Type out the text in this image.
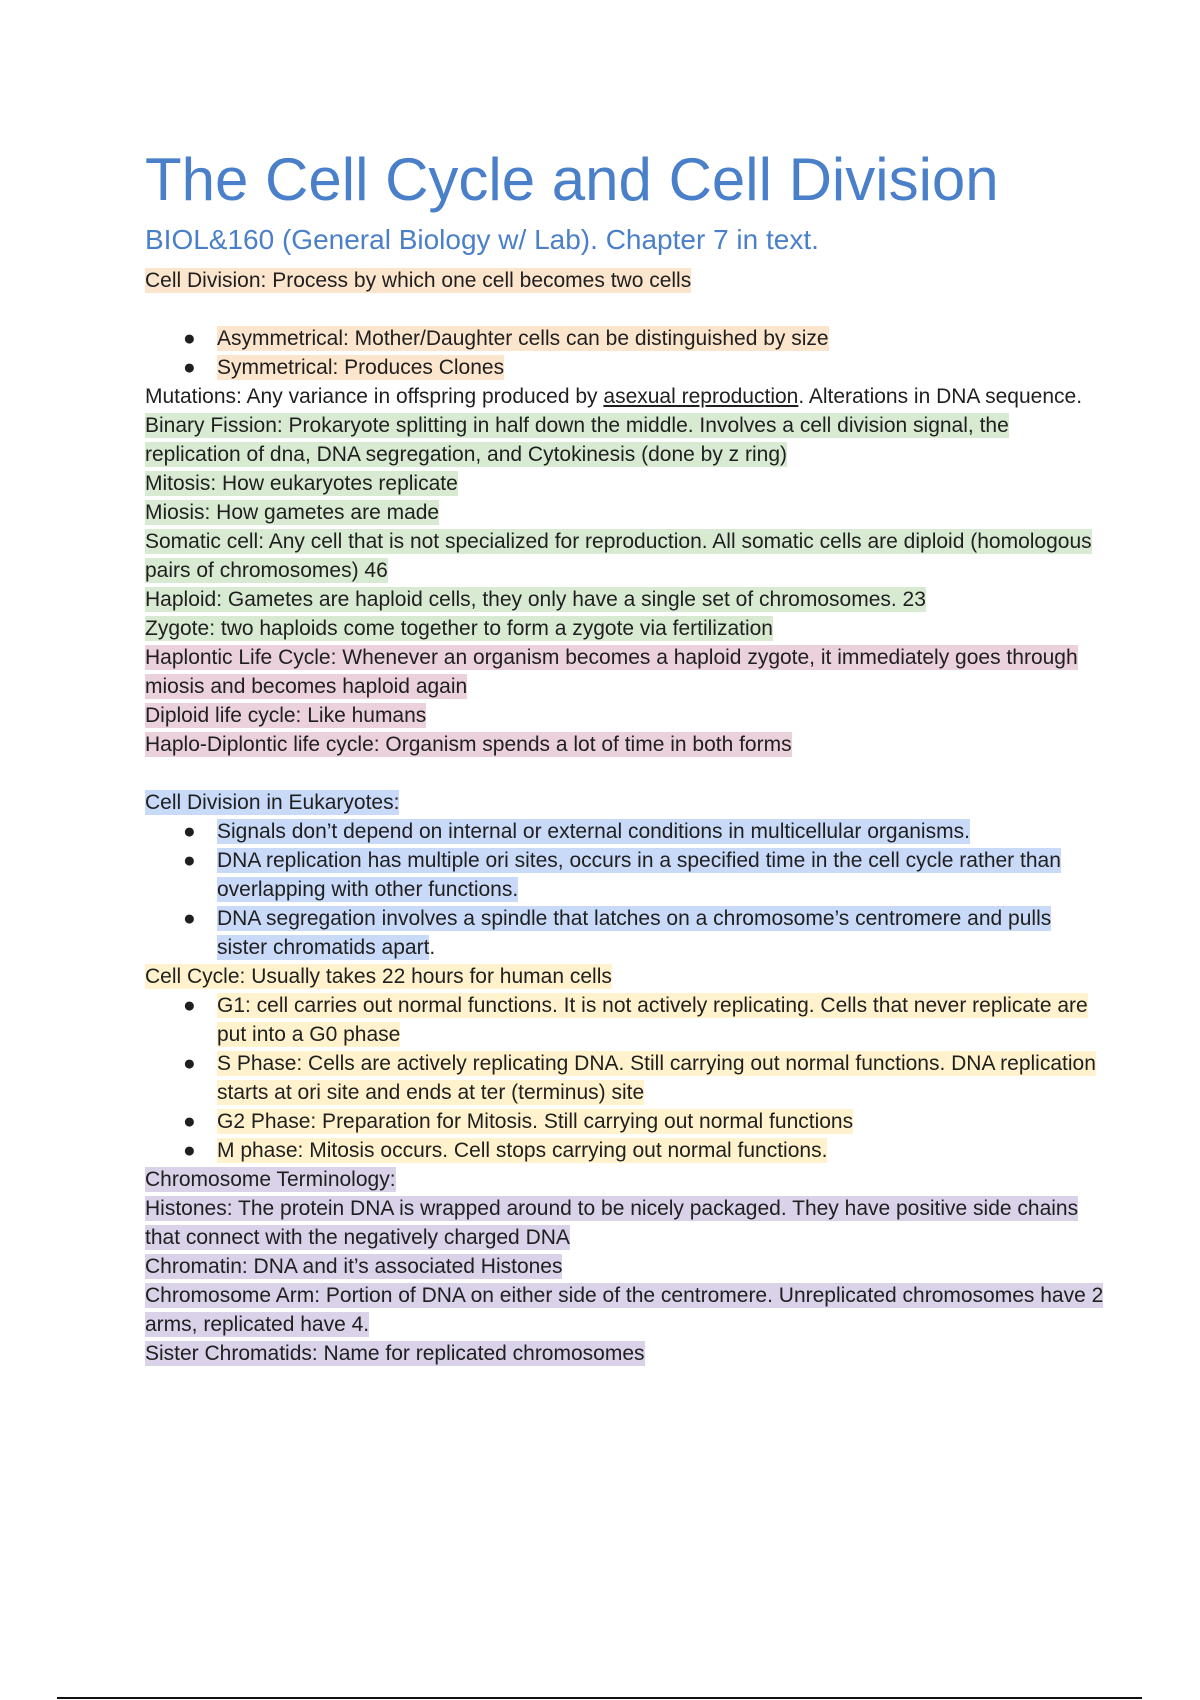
The Cell Cycle and Cell Division
BIOL&160 (General Biology w/ Lab). Chapter 7 in text.

Cell Division: Process by which one cell becomes two cells

●	Asymmetrical: Mother/Daughter cells can be distinguished by size
●	Symmetrical: Produces Clones

Mutations: Any variance in offspring produced by asexual reproduction. Alterations in DNA sequence.

Binary Fission: Prokaryote splitting in half down the middle. Involves a cell division signal, the replication of dna, DNA segregation, and Cytokinesis (done by z ring)

Mitosis: How eukaryotes replicate

Miosis: How gametes are made

Somatic cell: Any cell that is not specialized for reproduction. All somatic cells are diploid (homologous pairs of chromosomes) 46

Haploid: Gametes are haploid cells, they only have a single set of chromosomes. 23

Zygote: two haploids come together to form a zygote via fertilization

Haplontic Life Cycle: Whenever an organism becomes a haploid zygote, it immediately goes through miosis and becomes haploid again

Diploid life cycle: Like humans

Haplo-Diplontic life cycle: Organism spends a lot of time in both forms

Cell Division in Eukaryotes:

●	Signals don’t depend on internal or external conditions in multicellular organisms.
●	DNA replication has multiple ori sites, occurs in a specified time in the cell cycle rather than overlapping with other functions.
●	DNA segregation involves a spindle that latches on a chromosome’s centromere and pulls sister chromatids apart.

Cell Cycle: Usually takes 22 hours for human cells

●	G1: cell carries out normal functions. It is not actively replicating. Cells that never replicate are put into a G0 phase
●	S Phase: Cells are actively replicating DNA. Still carrying out normal functions. DNA replication starts at ori site and ends at ter (terminus) site
●	G2 Phase: Preparation for Mitosis. Still carrying out normal functions
●	M phase: Mitosis occurs. Cell stops carrying out normal functions.

Chromosome Terminology:

Histones: The protein DNA is wrapped around to be nicely packaged. They have positive side chains that connect with the negatively charged DNA

Chromatin: DNA and it’s associated Histones

Chromosome Arm: Portion of DNA on either side of the centromere. Unreplicated chromosomes have 2 arms, replicated have 4.

Sister Chromatids: Name for replicated chromosomes
